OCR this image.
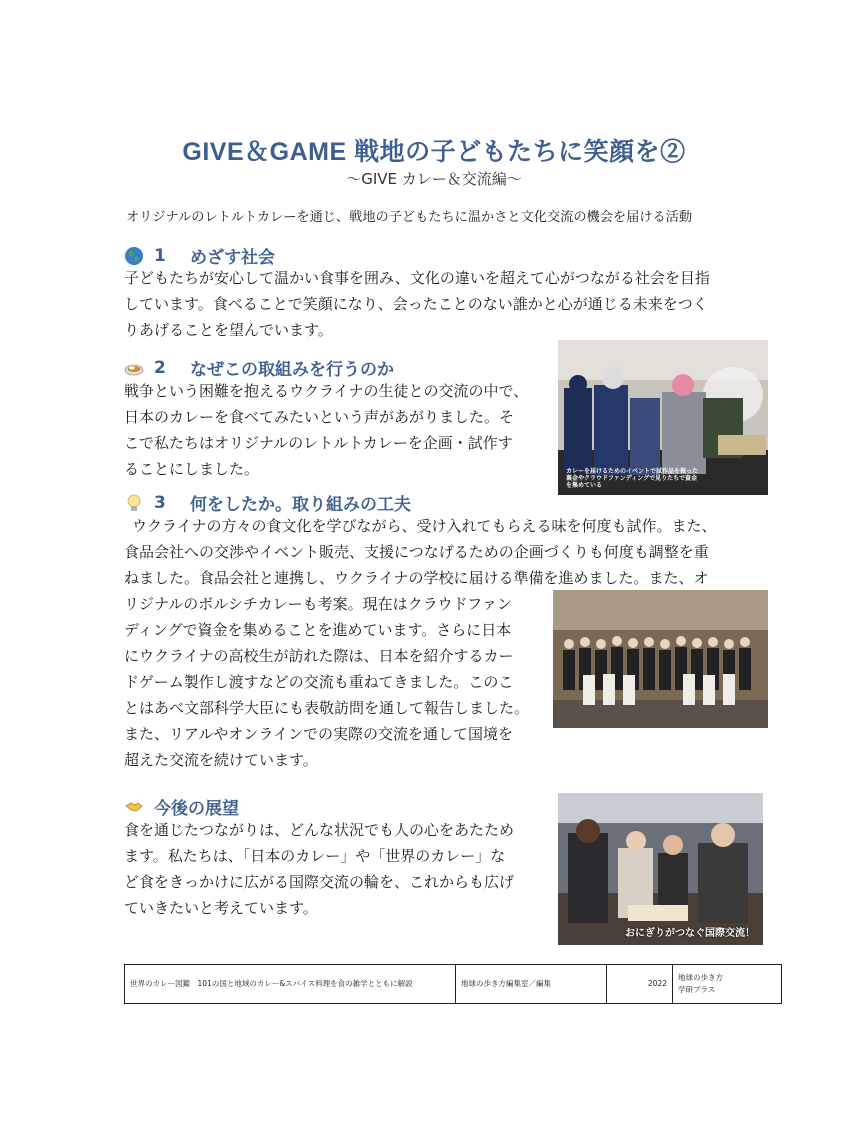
GIVE＆GAME 戦地の子どもたちに笑顔を②

〜GIVE カレー＆交流編〜

オリジナルのレトルトカレーを通じ、戦地の子どもたちに温かさと文化交流の機会を届ける活動

1	めざす社会
子どもたちが安心して温かい食事を囲み、文化の違いを超えて心がつながる社会を目指
しています。食べることで笑顔になり、会ったことのない誰かと心が通じる未来をつく
りあげることを望んでいます。
2	なぜこの取組みを行うのか
戦争という困難を抱えるウクライナの生徒との交流の中で、
日本のカレーを食べてみたいという声があがりました。そ
こで私たちはオリジナルのレトルトカレーを企画・試作す
ることにしました。	カレーを届けるためのイベントで試作品を振った
裏金やクラウドファンディングで見りたちで資金
を集めている
3	何をしたか。取り組みの工夫
ウクライナの方々の食文化を学びながら、受け入れてもらえる味を何度も試作。また、
食品会社への交渉やイベント販売、支援につなげるための企画づくりも何度も調整を重
ねました。食品会社と連携し、ウクライナの学校に届ける準備を進めました。また、オ
リジナルのボルシチカレーも考案。現在はクラウドファン
ディングで資金を集めることを進めています。さらに日本
にウクライナの高校生が訪れた際は、日本を紹介するカー
ドゲーム製作し渡すなどの交流も重ねてきました。このこ
とはあべ文部科学大臣にも表敬訪問を通して報告しました。
また、リアルやオンラインでの実際の交流を通して国境を
超えた交流を続けています。
今後の展望
食を通じたつながりは、どんな状況でも人の心をあたため
ます。私たちは、「日本のカレー」や「世界のカレー」な
ど食をきっかけに広がる国際交流の輪を、これからも広げ
ていきたいと考えています。
おにぎりがつなぐ国際交流！
世界のカレー図鑑　101の国と地域のカレー&スパイス料理を食の雑学とともに解説	地球の歩き方編集室／編集	2022	
地球の歩き方
学研プラス
